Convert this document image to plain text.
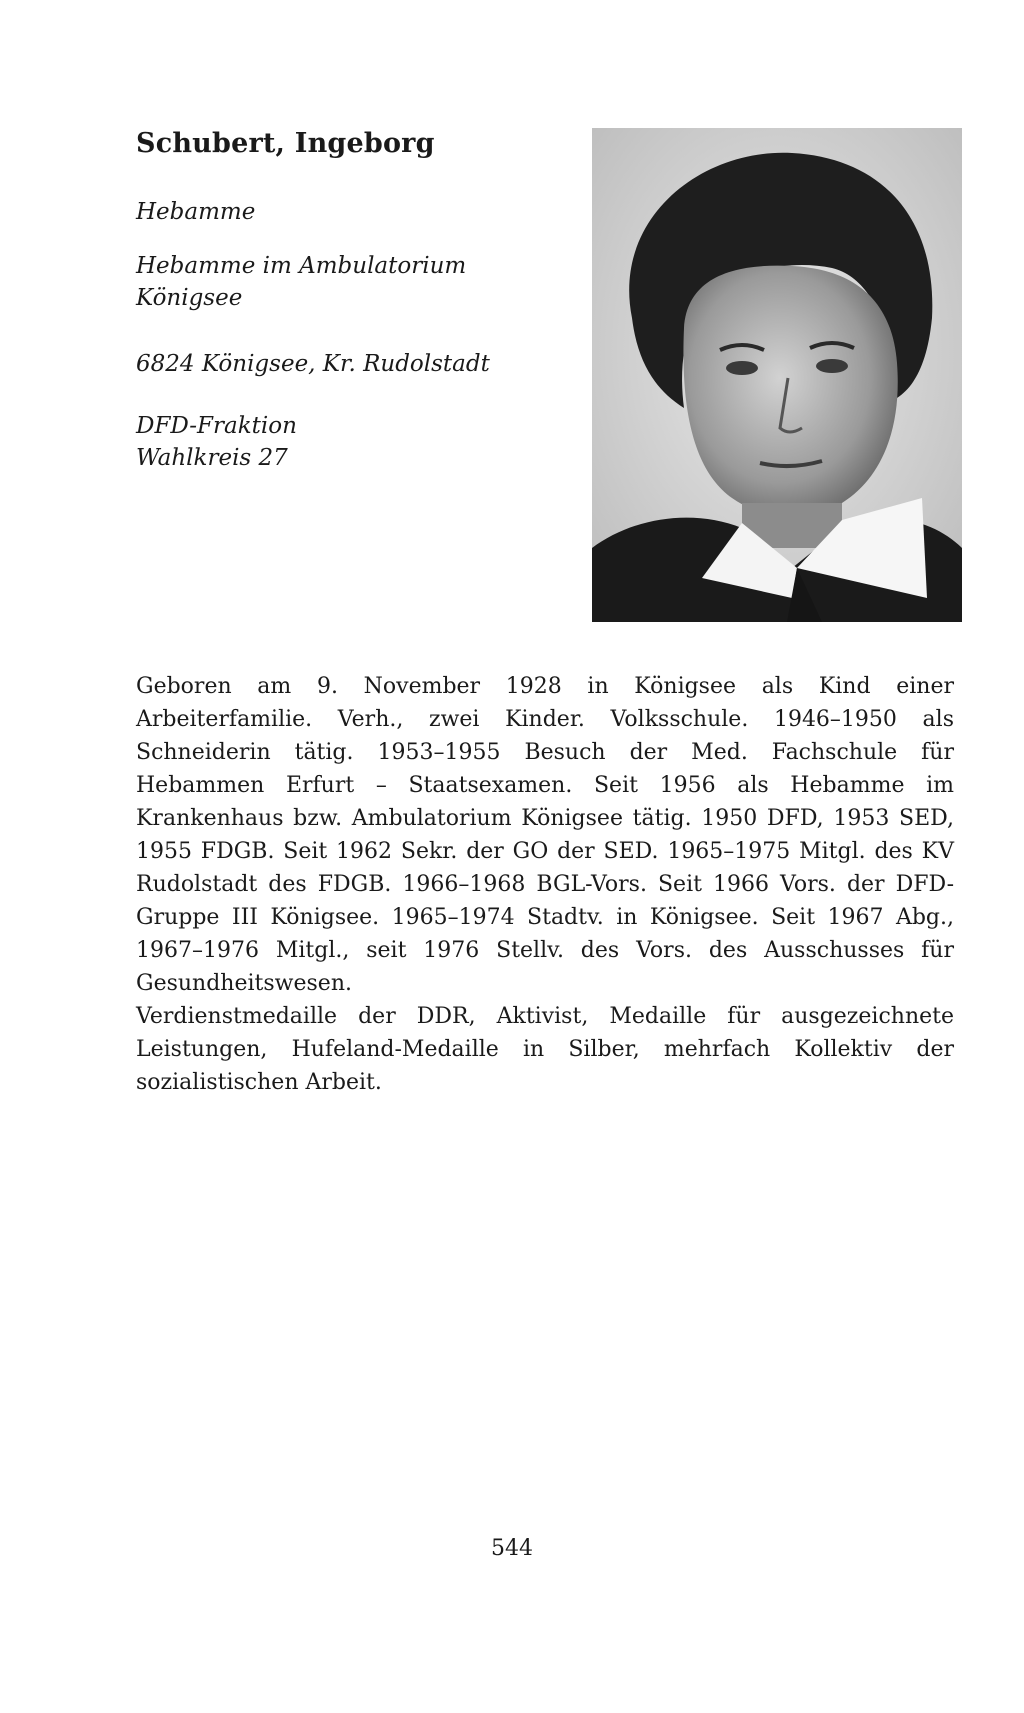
Schubert, Ingeborg
Hebamme
Hebamme im Ambulatorium
Königsee
6824 Königsee, Kr. Rudolstadt
DFD-Fraktion
Wahlkreis 27

Geboren am 9. November 1928 in Königsee als Kind einer Arbeiterfamilie. Verh., zwei Kinder. Volksschule. 1946–1950 als Schneiderin tätig. 1953–1955 Besuch der Med. Fachschule für Hebammen Erfurt – Staatsexamen. Seit 1956 als Hebamme im Krankenhaus bzw. Ambulatorium Königsee tätig. 1950 DFD, 1953 SED, 1955 FDGB. Seit 1962 Sekr. der GO der SED. 1965–1975 Mitgl. des KV Rudolstadt des FDGB. 1966–1968 BGL-Vors. Seit 1966 Vors. der DFD-Gruppe III Königsee. 1965–1974 Stadtv. in Königsee. Seit 1967 Abg., 1967–1976 Mitgl., seit 1976 Stellv. des Vors. des Ausschusses für Gesundheitswesen.

Verdienstmedaille der DDR, Aktivist, Medaille für ausgezeichnete Leistungen, Hufeland-Medaille in Silber, mehrfach Kollektiv der sozialistischen Arbeit.

544
